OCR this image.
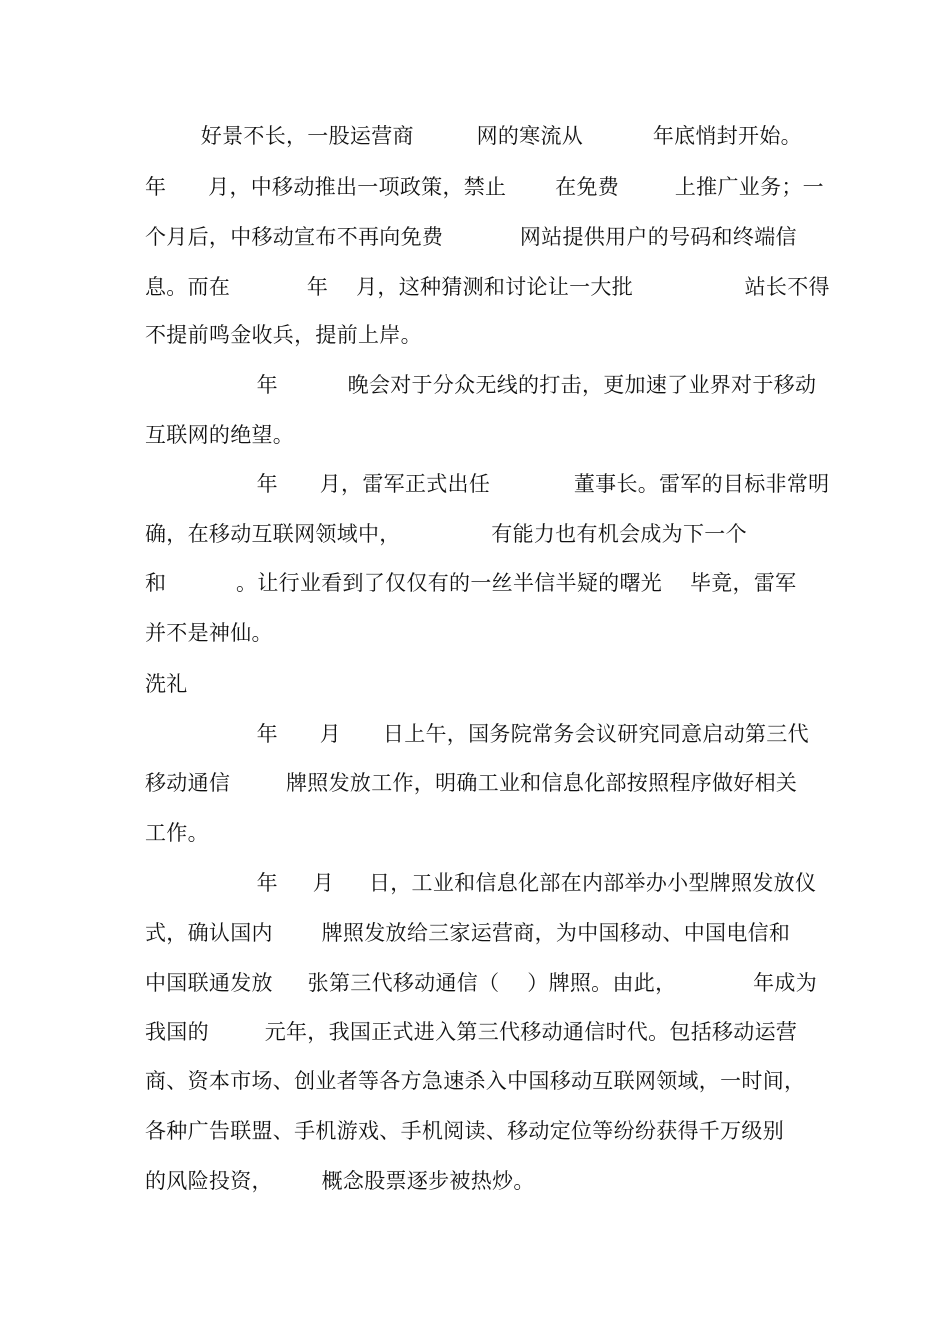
好景不长，一股运营商         网的寒流从          年底悄封开始。
年      月，中移动推出一项政策，禁止       在免费        上推广业务；一
个月后，中移动宣布不再向免费           网站提供用户的号码和终端信
息。而在           年    月，这种猜测和讨论让一大批                站长不得
不提前鸣金收兵，提前上岸。
年          晚会对于分众无线的打击，更加速了业界对于移动
互联网的绝望。
年      月，雷军正式出任            董事长。雷军的目标非常明
确，在移动互联网领域中，             有能力也有机会成为下一个
和          。让行业看到了仅仅有的一丝半信半疑的曙光    毕竟，雷军
并不是神仙。
洗礼
年      月      日上午，国务院常务会议研究同意启动第三代
移动通信        牌照发放工作，明确工业和信息化部按照程序做好相关
工作。
年     月     日，工业和信息化部在内部举办小型牌照发放仪
式，确认国内       牌照发放给三家运营商，为中国移动、中国电信和
中国联通发放     张第三代移动通信（    ）牌照。由此，           年成为
我国的        元年，我国正式进入第三代移动通信时代。包括移动运营
商、资本市场、创业者等各方急速杀入中国移动互联网领域，一时间，
各种广告联盟、手机游戏、手机阅读、移动定位等纷纷获得千万级别
的风险投资，       概念股票逐步被热炒。
